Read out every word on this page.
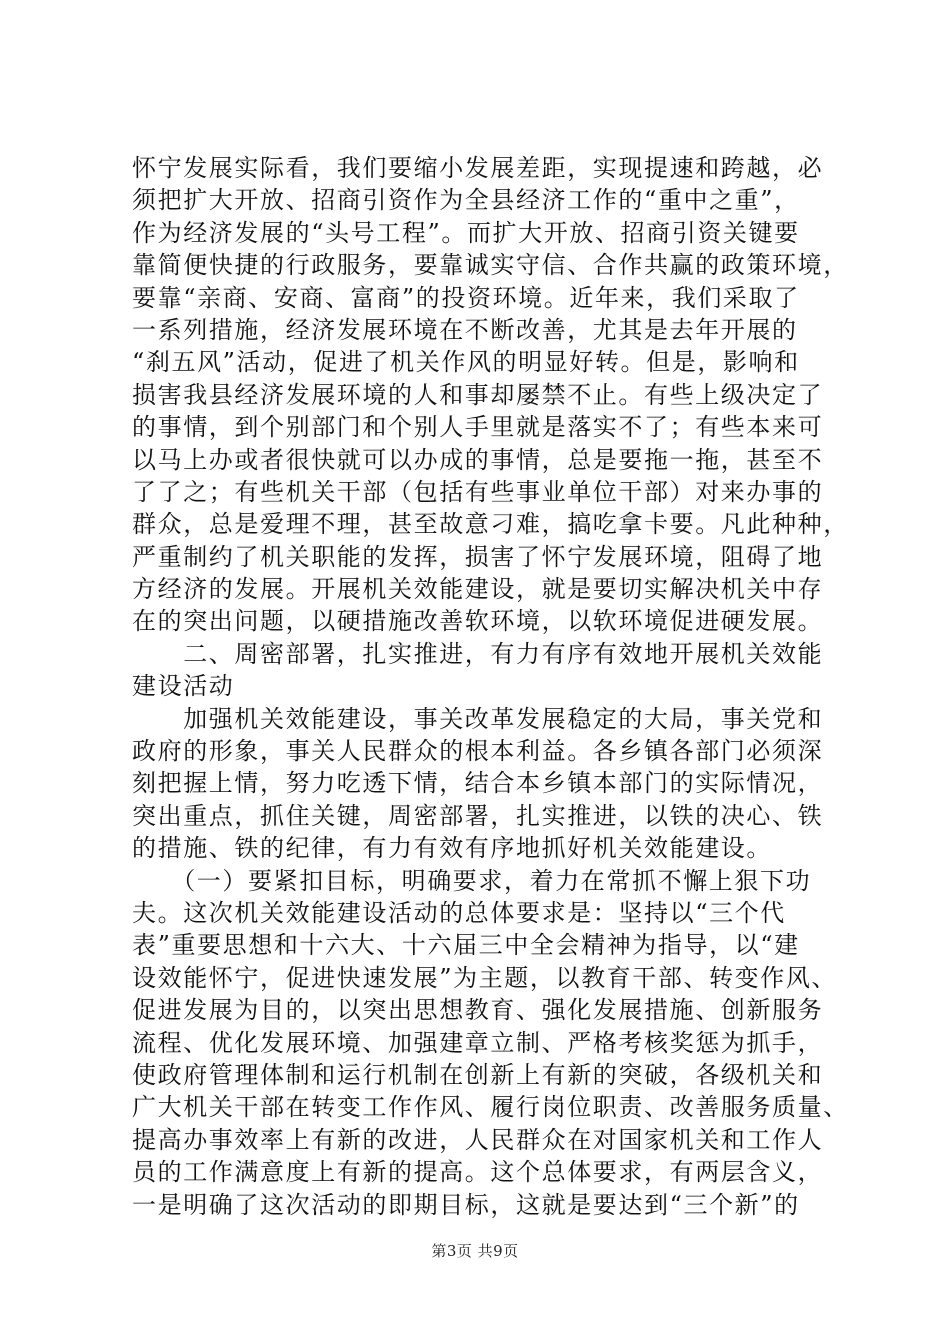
怀宁发展实际看，我们要缩小发展差距，实现提速和跨越，必
须把扩大开放、招商引资作为全县经济工作的“重中之重”，
作为经济发展的“头号工程”。而扩大开放、招商引资关键要
靠简便快捷的行政服务，要靠诚实守信、合作共赢的政策环境，
要靠“亲商、安商、富商”的投资环境。近年来，我们采取了
一系列措施，经济发展环境在不断改善，尤其是去年开展的
“刹五风”活动，促进了机关作风的明显好转。但是，影响和
损害我县经济发展环境的人和事却屡禁不止。有些上级决定了
的事情，到个别部门和个别人手里就是落实不了；有些本来可
以马上办或者很快就可以办成的事情，总是要拖一拖，甚至不
了了之；有些机关干部（包括有些事业单位干部）对来办事的
群众，总是爱理不理，甚至故意刁难，搞吃拿卡要。凡此种种，
严重制约了机关职能的发挥，损害了怀宁发展环境，阻碍了地
方经济的发展。开展机关效能建设，就是要切实解决机关中存
在的突出问题，以硬措施改善软环境，以软环境促进硬发展。
　　二、周密部署，扎实推进，有力有序有效地开展机关效能
建设活动
　　加强机关效能建设，事关改革发展稳定的大局，事关党和
政府的形象，事关人民群众的根本利益。各乡镇各部门必须深
刻把握上情，努力吃透下情，结合本乡镇本部门的实际情况，
突出重点，抓住关键，周密部署，扎实推进，以铁的决心、铁
的措施、铁的纪律，有力有效有序地抓好机关效能建设。
　　（一）要紧扣目标，明确要求，着力在常抓不懈上狠下功
夫。这次机关效能建设活动的总体要求是：坚持以“三个代
表”重要思想和十六大、十六届三中全会精神为指导，以“建
设效能怀宁，促进快速发展”为主题，以教育干部、转变作风、
促进发展为目的，以突出思想教育、强化发展措施、创新服务
流程、优化发展环境、加强建章立制、严格考核奖惩为抓手，
使政府管理体制和运行机制在创新上有新的突破，各级机关和
广大机关干部在转变工作作风、履行岗位职责、改善服务质量、
提高办事效率上有新的改进，人民群众在对国家机关和工作人
员的工作满意度上有新的提高。这个总体要求，有两层含义，
一是明确了这次活动的即期目标，这就是要达到“三个新”的
第3页 共9页
